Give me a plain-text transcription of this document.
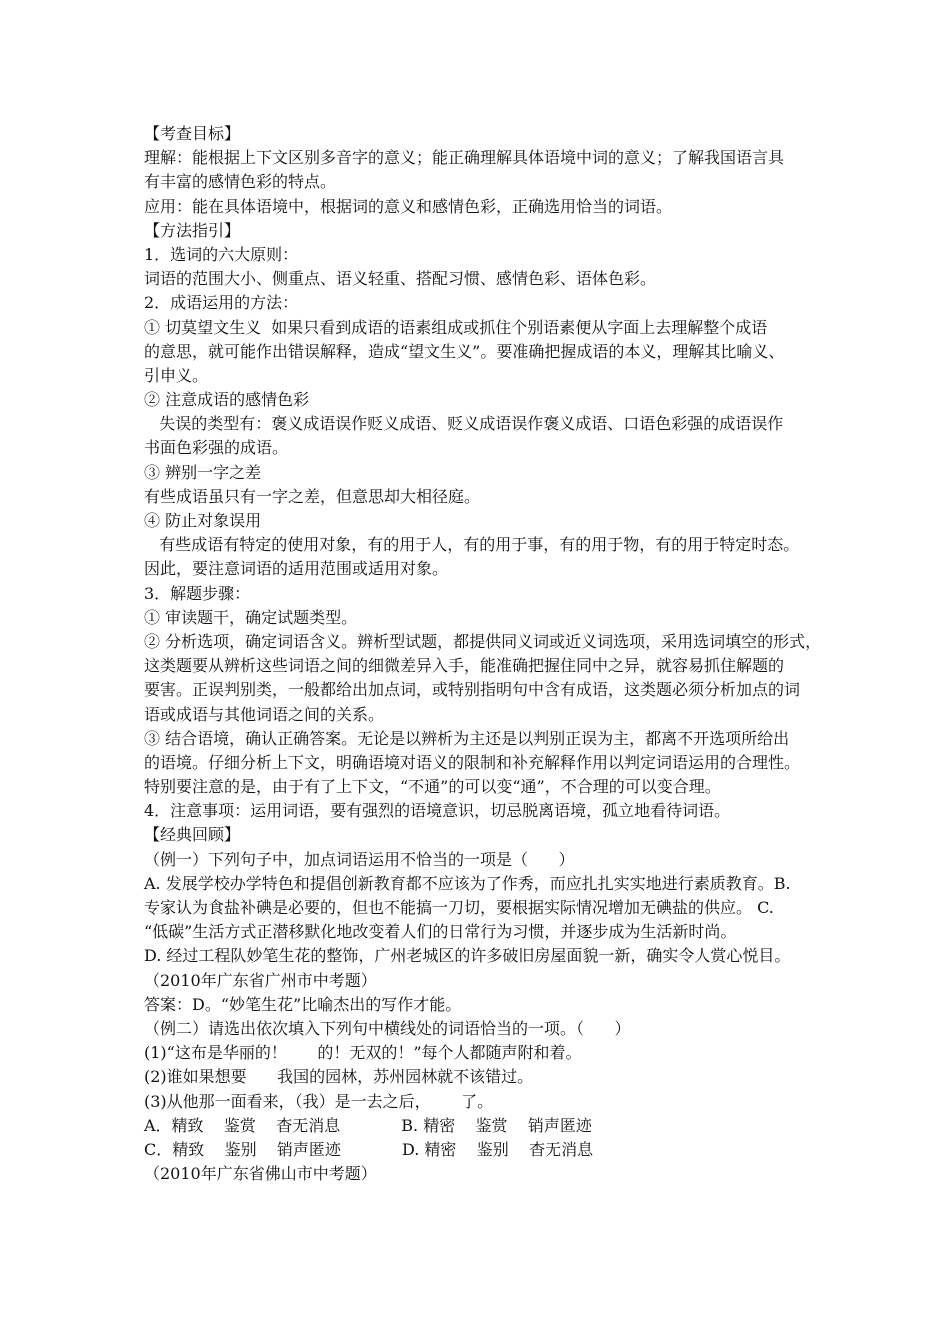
【考查目标】
理解：能根据上下文区别多音字的意义；能正确理解具体语境中词的意义；了解我国语言具
有丰富的感情色彩的特点。
应用：能在具体语境中，根据词的意义和感情色彩，正确选用恰当的词语。
【方法指引】
1．选词的六大原则：
词语的范围大小、侧重点、语义轻重、搭配习惯、感情色彩、语体色彩。
2．成语运用的方法：
① 切莫望文生义  如果只看到成语的语素组成或抓住个别语素便从字面上去理解整个成语
的意思，就可能作出错误解释，造成“望文生义”。要准确把握成语的本义，理解其比喻义、
引申义。
② 注意成语的感情色彩
失误的类型有：褒义成语误作贬义成语、贬义成语误作褒义成语、口语色彩强的成语误作
书面色彩强的成语。
③ 辨别一字之差
有些成语虽只有一字之差，但意思却大相径庭。
④ 防止对象误用
有些成语有特定的使用对象，有的用于人，有的用于事，有的用于物，有的用于特定时态。
因此，要注意词语的适用范围或适用对象。
3．解题步骤：
① 审读题干，确定试题类型。
② 分析选项，确定词语含义。辨析型试题，都提供同义词或近义词选项，采用选词填空的形式，
这类题要从辨析这些词语之间的细微差异入手，能准确把握住同中之异，就容易抓住解题的
要害。正误判别类，一般都给出加点词，或特别指明句中含有成语，这类题必须分析加点的词
语或成语与其他词语之间的关系。
③ 结合语境，确认正确答案。无论是以辨析为主还是以判别正误为主，都离不开选项所给出
的语境。仔细分析上下文，明确语境对语义的限制和补充解释作用以判定词语运用的合理性。
特别要注意的是，由于有了上下文，“不通”的可以变“通”，不合理的可以变合理。
4．注意事项：运用词语，要有强烈的语境意识，切忌脱离语境，孤立地看待词语。
【经典回顾】
（例一）下列句子中，加点词语运用不恰当的一项是（      ）
A. 发展学校办学特色和提倡创新教育都不应该为了作秀，而应扎扎实实地进行素质教育。B.
专家认为食盐补碘是必要的，但也不能搞一刀切，要根据实际情况增加无碘盐的供应。 C.
“低碳”生活方式正潜移默化地改变着人们的日常行为习惯，并逐步成为生活新时尚。
D. 经过工程队妙笔生花的整饰，广州老城区的许多破旧房屋面貌一新，确实令人赏心悦目。
（2010年广东省广州市中考题）
答案：D。“妙笔生花”比喻杰出的写作才能。
（例二）请选出依次填入下列句中横线处的词语恰当的一项。（      ）
(1)“这布是华丽的！      的！无双的！”每个人都随声附和着。
(2)谁如果想要      我国的园林，苏州园林就不该错过。
(3)从他那一面看来，（我）是一去之后，      了。
A．精致    鉴赏    杳无消息            B. 精密    鉴赏    销声匿迹
C．精致    鉴别    销声匿迹            D. 精密    鉴别    杳无消息
（2010年广东省佛山市中考题）
